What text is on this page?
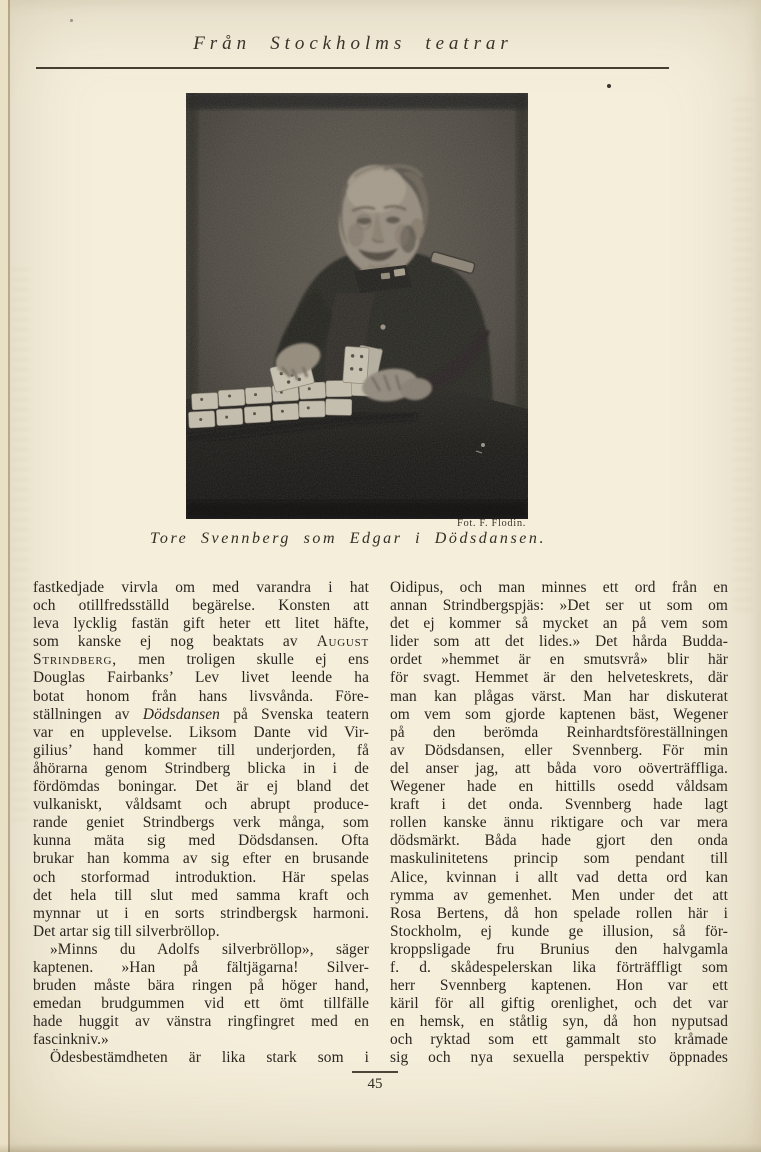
Från Stockholms teatrar
Fot. F. Flodin.
Tore Svennberg som Edgar i Dödsdansen.
fastkedjade virvla om med varandra i hat
och otillfredsställd begärelse. Konsten att
leva lycklig fastän gift heter ett litet häfte,
som kanske ej nog beaktats av August
Strindberg, men troligen skulle ej ens
Douglas Fairbanks’ Lev livet leende ha
botat honom från hans livsvånda. Före-
ställningen av Dödsdansen på Svenska teatern
var en upplevelse. Liksom Dante vid Vir-
gilius’ hand kommer till underjorden, få
åhörarna genom Strindberg blicka in i de
fördömdas boningar. Det är ej bland det
vulkaniskt, våldsamt och abrupt produce-
rande geniet Strindbergs verk många, som
kunna mäta sig med Dödsdansen. Ofta
brukar han komma av sig efter en brusande
och storformad introduktion. Här spelas
det hela till slut med samma kraft och
mynnar ut i en sorts strindbergsk harmoni.
Det artar sig till silverbröllop.
»Minns du Adolfs silverbröllop», säger
kaptenen. »Han på fältjägarna! Silver-
bruden måste bära ringen på höger hand,
emedan brudgummen vid ett ömt tillfälle
hade huggit av vänstra ringfingret med en
fascinkniv.»
Ödesbestämdheten är lika stark som i
Oidipus, och man minnes ett ord från en
annan Strindbergspjäs: »Det ser ut som om
det ej kommer så mycket an på vem som
lider som att det lides.» Det hårda Budda-
ordet »hemmet är en smutsvrå» blir här
för svagt. Hemmet är den helveteskrets, där
man kan plågas värst. Man har diskuterat
om vem som gjorde kaptenen bäst, Wegener
på den berömda Reinhardtsföreställningen
av Dödsdansen, eller Svennberg. För min
del anser jag, att båda voro oöverträffliga.
Wegener hade en hittills osedd våldsam
kraft i det onda. Svennberg hade lagt
rollen kanske ännu riktigare och var mera
dödsmärkt. Båda hade gjort den onda
maskulinitetens princip som pendant till
Alice, kvinnan i allt vad detta ord kan
rymma av gemenhet. Men under det att
Rosa Bertens, då hon spelade rollen här i
Stockholm, ej kunde ge illusion, så för-
kroppsligade fru Brunius den halvgamla
f. d. skådespelerskan lika förträffligt som
herr Svennberg kaptenen. Hon var ett
käril för all giftig orenlighet, och det var
en hemsk, en ståtlig syn, då hon nyputsad
och ryktad som ett gammalt sto kråmade
sig och nya sexuella perspektiv öppnades
45
